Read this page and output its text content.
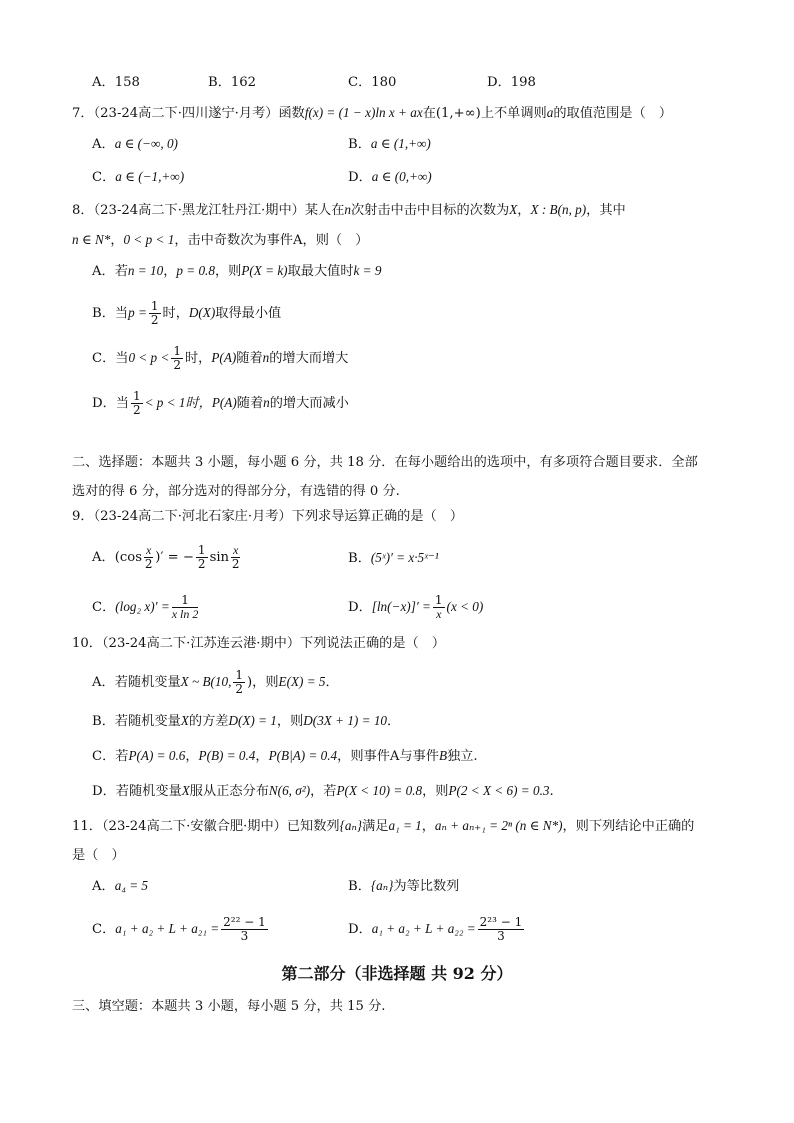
A．158	B．162	C．180	D．198
7．（23-24高二下·四川遂宁·月考）函数f(x) = (1 − x)ln x + ax在(1,+∞)上不单调则a的取值范围是（　）
A．a ∈ (−∞, 0)	B．a ∈ (1,+∞)
C．a ∈ (−1,+∞)	D．a ∈ (0,+∞)
8．（23-24高二下·黑龙江牡丹江·期中）某人在n次射击中击中目标的次数为X，X : B(n, p)，其中
n ∈ N*，0 < p < 1，击中奇数次为事件A，则（　）
A．若n = 10，p = 0.8，则P(X = k)取最大值时k = 9
B．当$p = \frac{1}{2}$ 时，D(X)取得最小值
C．当$0 < p < \frac{1}{2}$ 时，P(A)随着n的增大而增大
D．当 $\frac{1}{2} < p < 1$时，P(A)随着n的增大而减小
二、选择题：本题共 3 小题，每小题 6 分，共 18 分．在每小题给出的选项中，有多项符合题目要求．全部
选对的得 6 分，部分选对的得部分分，有选错的得 0 分.
9．（23-24高二下·河北石家庄·月考）下列求导运算正确的是（　）
A．($\cos \frac{x}{2}$ )′ = − $\frac{1}{2}$ $\sin \frac{x}{2}$	B．(5ˣ)′ = x·5ˣ⁻¹
C．(log₂ $x)' = \frac{1}{\text{x ln 2}}$	D．$[\ln(-x)]' = \frac{1}{x} (x < 0)$
10．（23-24高二下·江苏连云港·期中）下列说法正确的是（　）
A．若随机变量X ~ B(10, $\frac{1}{2}$ )，则E(X) = 5．
B．若随机变量X的方差D(X) = 1，则D(3X + 1) = 10．
C．若P(A) = 0.6，P(B) = 0.4，P(B|A) = 0.4，则事件A与事件B独立.
D．若随机变量X服从正态分布N(6, σ²)，若P(X < 10) = 0.8，则P(2 < X < 6) = 0.3.
11．（23-24高二下·安徽合肥·期中）已知数列{aₙ}满足a₁ = 1，aₙ + aₙ₊₁ = 2ⁿ (n ∈ N*)，则下列结论中正确的
是（　）
A．a₄ = 5	B．{aₙ}为等比数列
C．$a_1 + a_2 + L + a_{21} = \frac{\text{2²² − 1}}{3}$	D．$a_1 + a_2 + L + a_{22} = \frac{\text{2²³ − 1}}{3}$
第二部分（非选择题 共 92 分）
三、填空题：本题共 3 小题，每小题 5 分，共 15 分.
